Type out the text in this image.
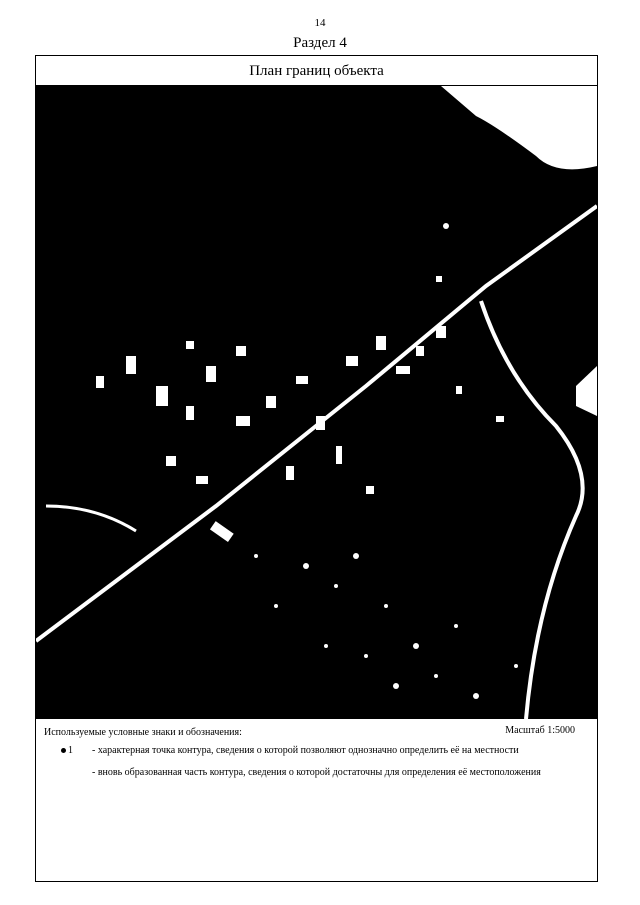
14
Раздел 4
План границ объекта
Используемые условные знаки и обозначения:	Масштаб 1:5000
1	- характерная точка контура, сведения о которой позволяют однозначно определить её на местности
- вновь образованная часть контура, сведения о которой достаточны для определения её местоположения
